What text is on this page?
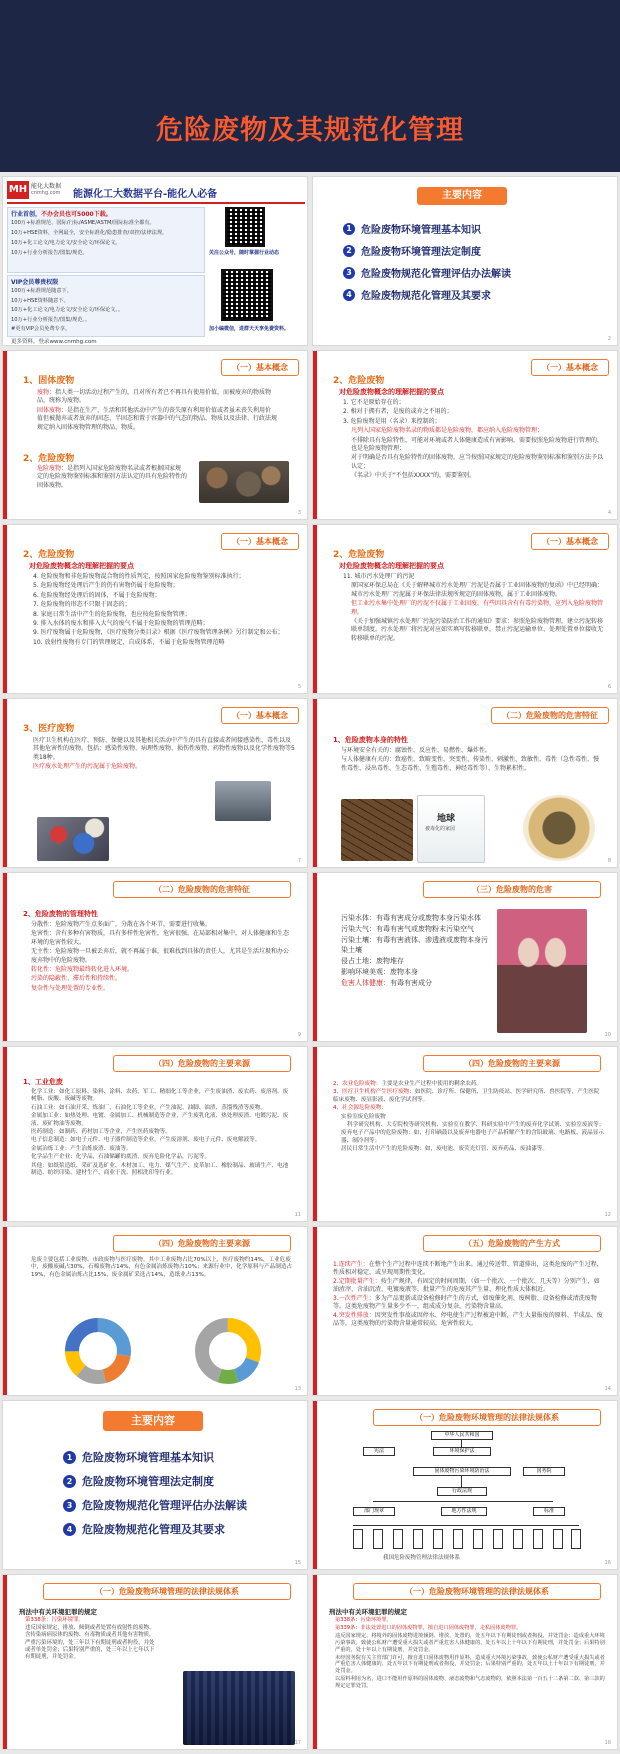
危险废物及其规范化管理
MH 能化大数据
cnmhg.com 能源化工大数据平台-能化人必备
行业首创，不办会员也可5000下载。

100万+标准规范、国际/行标/ASME/ASTM/国际标准全都有。

10万+HSE资料，全网最全，安全标准化/隐患排查/双控/法律法规。

10万+化工论文/电力论文/安全论文/环保论文。

10万+行业分析报告/图集/规范。

VIP会员尊贵权限

100万+标准规范随意下。

10万+HSE资料随意下。

10万+化工论文/电力论文/安全论文/环保论文。。

10万+行业分析报告/图集/规范。。

#更有VIP会员免费专享。

更多资料，登录www.cnmhg.com
关注公众号，随时掌握行业动态
加小编微信，进群天天享免费资料。
主要内容
1 危险废物环境管理基本知识
2 危险废物环境管理法定制度
3 危险废物规范化管理评估办法解读
4 危险废物规范化管理及其要求
2
（一）基本概念
1、固体废物

废物：指人类一切活动过程产生的，且对所有者已不再具有使用价值，而被废弃的物质物品，统称为废物。

固体废物：是指在生产、生活和其他活动中产生的丧失原有利用价值或者虽未丧失利用价值但被抛弃或者放弃的固态、半固态和置于容器中的气态的物品、物质以及法律、行政法规规定纳入固体废物管理的物品、物质。

2、危险废物

危险废物：是指列入国家危险废物名录或者根据国家规定的危险废物鉴别标准和鉴别方法认定的具有危险特性的固体废物。

3
（一）基本概念
2、危险废物
对危险废物概念的理解把握的要点

1. 它不是原始存在的；

2. 相对于拥有者，是废的或弃之不用的；

3. 危险废物是用（名录）来控制的；

凡列入国家危险废物名录的物质都是危险废物，都应纳入危险废物管理；

不排除具有危险特性，可能对环境或者人体健康造成有害影响，需要按照危险废物进行管理的，也是危险废物管理；

对于明确是否具有危险特性的固体废物，应当按照国家规定的危险废物鉴别标准和鉴别方法予以认定；

《名录》中关于"不包括XXXX"的，需要鉴别。

4
（一）基本概念
2、危险废物
对危险废物概念的理解把握的要点

4. 危险废物和非危险废物混合物的性质判定，按照国家危险废物鉴别标准执行；

5. 危险废物经处理后产生的仍有害物仍属于危险废物；

6. 危险废物经处理后的固体，不属于危险废物；

7. 危险废物的形态不只限于固态的；

8. 家庭日常生活中产生的危险废物，也应按危险废物管理；

9. 排入水体的废水和排入大气的废气不属于危险废物的管理范畴；

9. 医疗废物属于危险废物，《医疗废物分类目录》根据《医疗废物管理条例》另行制定和公布；

10. 放射性废物有专门的管理规定，自成体系，不属于危险废物管理范畴

5
（一）基本概念
2、危险废物
对危险废物概念的理解把握的要点

11. 城市污水处理厂的污泥

原国家环保总局在《关于解释城市污水处理厂污泥是否属于工业固体废物的复函》中已经明确：城市污水处理厂污泥属于环保法律法规所规定的固体废物，属于工业固体废物。

但工业污水集中处理厂的污泥不仅属于工业固废，有些因具含有有毒污染物，应列入危险废物管理。

《关于加强城镇污水处理厂污泥污染防治工作的通知》要求：参照危险废物管理，建立污泥转移联单制度。污水处理厂将污泥对应如实填写转移联单，禁止污泥运输单位、处理处置单位接收无转移联单的污泥。

6
（一）基本概念
3、医疗废物

医疗卫生机构在医疗、预防、保健以及其他相关活动中产生的具有直接或者间接感染性、毒性以及其他危害性的废物。包括：感染性废物、病理性废物、损伤性废物、药物性废物以及化学性废物等5类18种。

医疗废水处理产生的污泥属于危险废物。

7
（二）危险废物的危害特征
1、危险废物本身的特性

与环境安全有关的：腐蚀性、反应性、易燃性、爆炸性。

与人体健康有关的：致癌性、致畸变性、突变性、传染性、刺激性、致敏性、毒性（急性毒性、慢性毒性、浸出毒性、生态毒性、生殖毒性、神经毒性等）、生物累积性。

地球
被毒化的家园
8
（二）危险废物的危害特征
2、危险废物的管理特性

分散性：危险废物产生点多面广，分散在各个环节，需要进行收集。

危害性：含有多种有害物质，具有多样性危害性，危害很强，在局部相对集中，对人体健康和生态环境的危害性较大。

无主性：危险废物一旦被丢弃后，就不再属于谁，很难找到具体的责任人，尤其是生活垃圾和办公废弃物中的危险废物。

转化性：危险废物最终转化进入环境。

污染的隐蔽性、滞后性和持续性。

复杂性与处理处置的专业性。

9
（三）危险废物的危害

污染水体：有毒有害成分或废物本身污染水体

污染大气：有毒有害气或废物粉末污染空气

污染土壤：有毒有害液体、渗透液或废物本身污染土壤

侵占土地：废物堆存

影响环境美观：废物本身

危害人体健康：有毒有害成分

10
（四）危险废物的主要来源
1、工业危废

化学工业：如化工原料、染料、涂料、农药、军工、精细化工等企业，产生废油渣、废农药、废溶剂、废树脂、废酸、废碱等废物。

石油工业：如石油开采、炼油厂、石油化工等企业，产生油泥、油脚、油渣、蒸馏残渣等废物。

金属加工业：如热处理、电镀、金属加工、机械制造等企业，产生废乳化液、热处理废渣、电镀污泥、废液、废矿物油等废物。

医药制造：如制药、药材加工等企业，产生医药废物等。

电子信息制造：如电子元件、电子器件制造等企业，产生废溶剂、废电子元件、废电解液等。

金属冶炼工业：产生冶炼废渣、废油等。

化学品生产企业：化学品，石油储罐的底渣，废弃危险化学品，污泥等。

其他：如纸浆造纸、采矿及选矿业、木材加工、电力、煤气生产、皮革加工、橡胶制品、玻璃生产、电池制造、纺织印染、建材生产、商业干洗、照相洗印等行业。

11
（四）危险废物的主要来源

2、农业危险废物：主要是农业生产过程中使用的剩余农药。

3、医疗卫生机构产生医疗废物：如医院、诊疗所、保健所、卫生防疫站、医学研究所、兽医院等，产生医院临床废物、废显影液、废化学试剂等。

4、社会源危险废物：

实验室废危险废物

科学研究机构、大专院校等研究机构、实验室在教学、科研实验中产生的废弃化学试剂、实验室废液等；

废弃电子产品中的危险废物：如，打印硒鼓以及废弃电器电子产品拆解产生的含铅玻璃、电路板、液晶显示器、制冷剂等；

居民日常生活中产生的危险废物：如，废电池、废荧光灯管、废弃药品、废油漆等。

12
（四）危险废物的主要来源

危废主要包括工业废物、市政废物与医疗废物。其中工业废物占比70%以上，医疗废物约14%，工业危废中，废酸废碱占30%，石棉废物占14%，有色金属冶炼废物占10%；来源行业中，化学原料与产品制造占19%，有色金属冶炼占比15%，废金属矿采选占14%，造纸业占13%。

13
（五）危险废物的产生方式

1.连续产生：在整个生产过程中连续不断地产生出来。通过传送带、管道排出，这类危废的产生过程，性质相对稳定，或呈现周期性变化。

2.定期批量产生：按生产规律，有固定的时间周期，（如一个批次、一个批次、几天等）分别产生，如油渣滓、含油沉渣、电镀废液等，批量产生的危废其产生量、理化性质大体相近。

3.一次性产生：多为产品更新或设备检修时产生的方式，如废催化剂、废树脂、设备检修或清洗废物等。这类危废物产生量多少不一，组成成分复杂，污染物含量高。

4.突发性排放：因突发性事故或因停水、停电使生产过程被迫中断，产生大量报废的原料、半成品、废品等，这类废物的污染物含量通常较高，危害性较大。

14
主要内容
1 危险废物环境管理基本知识
2 危险废物环境管理法定制度
3 危险废物规范化管理评估办法解读
4 危险废物规范化管理及其要求
15
（一）危险废物环境管理的法律法规体系
中华人民共和国
宪法	环境保护法
固体废物污染环境防治法	国务院
行政法规
部门规章	地方性法规	标准
我国危险废物管理法律法规体系
16
（一）危险废物环境管理的法律法规体系
刑法中有关环境犯罪的规定

第338条：污染环境罪。

违反国家规定，排放、倾倒或者处置有放射性的废物、含传染病病原体的废物、有毒物质或者其他有害物质，严重污染环境的，处三年以下有期徒刑或者拘役，并处或者单处罚金；后果特别严重的，处三年以上七年以下有期徒刑，并处罚金。

17
（一）危险废物环境管理的法律法规体系
刑法中有关环境犯罪的规定

第338条：污染环境罪。

第339条：非法处置进口的固体废物罪，擅自进口固体废物罪，走私固体废物罪。

违反国家规定，将境外的固体废物进境倾倒、堆放、处置的，处五年以下有期徒刑或者拘役，并处罚金；造成重大环境污染事故，致使公私财产遭受重大损失或者严重危害人体健康的，处五年以上十年以下有期徒刑，并处罚金；后果特别严重的，处十年以上有期徒刑，并处罚金。

未经国务院有关主管部门许可，擅自进口固体废物用作原料，造成重大环境污染事故，致使公私财产遭受重大损失或者严重危害人体健康的，处五年以下有期徒刑或者拘役，并处罚金；后果特别严重的，处五年以上十年以下有期徒刑，并处罚金。

以原料利用为名，进口不能用作原料的固体废物、液态废物和气态废物的，依照本法第一百五十二条第二款、第三款的规定定罪处罚。

18
